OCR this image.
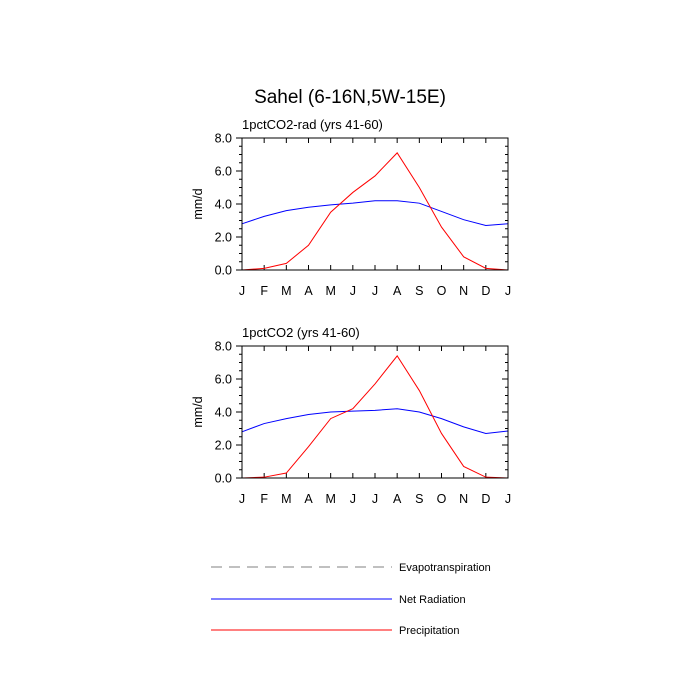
Sahel (6-16N,5W-15E)
1pctCO2-rad (yrs 41-60)
mm/d
J F M A M J J A S O N D J
0.0
2.0
4.0
6.0
8.0
1pctCO2 (yrs 41-60)
mm/d
J F M A M J J A S O N D J
0.0
2.0
4.0
6.0
8.0
Evapotranspiration
Net Radiation
Precipitation
